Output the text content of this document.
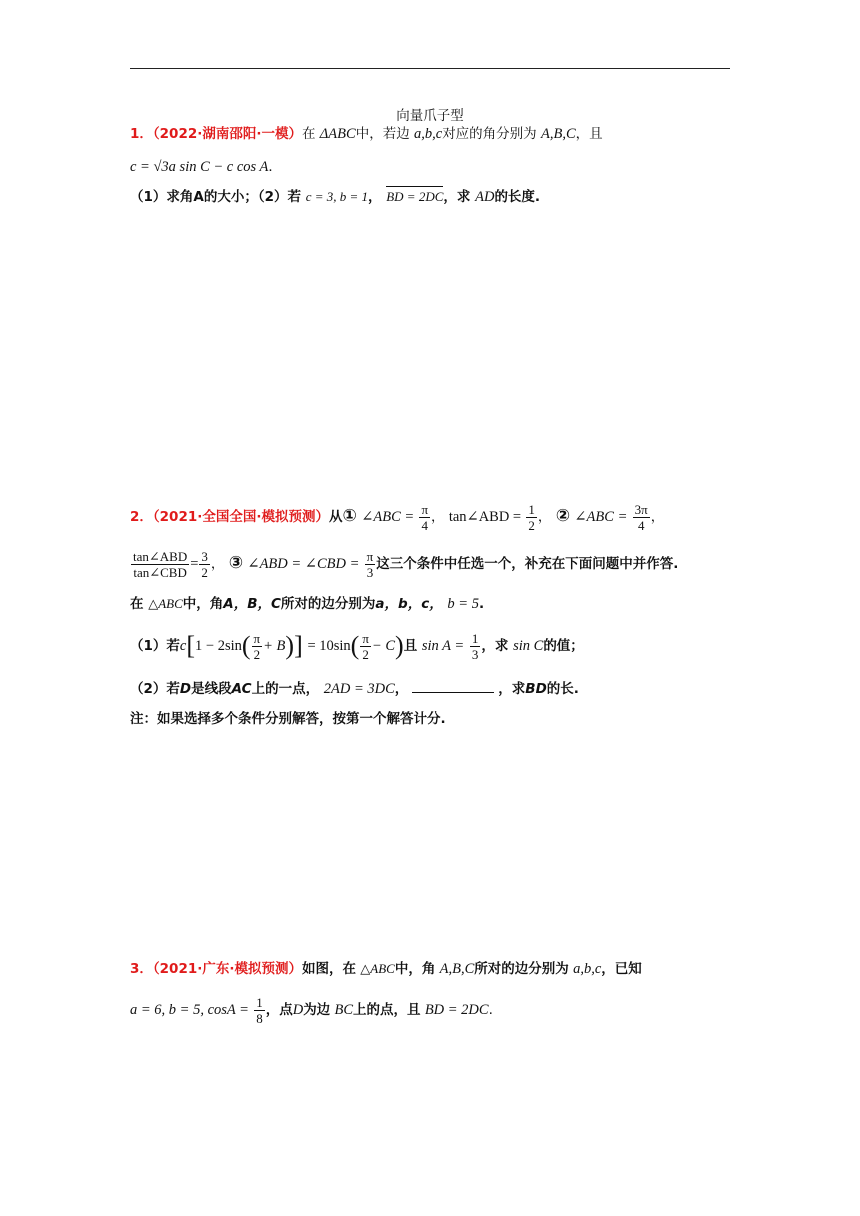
向量爪子型
1．（2022·湖南邵阳·一模）在 ΔABC中，若边 a,b,c对应的角分别为 A,B,C，且
c = √3a sin C − c cos A．
（1）求角A的大小；（2）若 c = 3, b = 1， BD = 2DC，求 AD的长度.
2．（2021·全国全国·模拟预测）从① ∠ABC = $\frac{\pi}{4}$ ， tan∠ABD = $\frac{1}{2}$ ， ② ∠ABC = $\frac{3\pi}{4}$ ，
$\frac{\text{tan∠ABD}}{\text{tan∠CBD}} = \frac{3}{2}$ ， ③ ∠ABD = ∠CBD = $\frac{\pi}{3}$ 这三个条件中任选一个，补充在下面问题中并作答.
在 △ABC中，角A，B，C所对的边分别为a，b，c， b = 5.
（1）若$c[1 - 2\sin( \frac{\pi}{2} + B)] = 10\sin( \frac{\pi}{2} - C)$且 $\sin A = \frac{1}{3}$ ，求 sin C的值；
（2）若D是线段AC上的一点， 2AD = 3DC，	，求BD的长.
注：如果选择多个条件分别解答，按第一个解答计分.
3．（2021·广东·模拟预测）如图，在 △ABC中，角 A,B,C所对的边分别为 a,b,c，已知
a = 6, b = 5, $\cos A = \frac{1}{8}$ ，点D为边 BC上的点，且 BD = 2DC.
